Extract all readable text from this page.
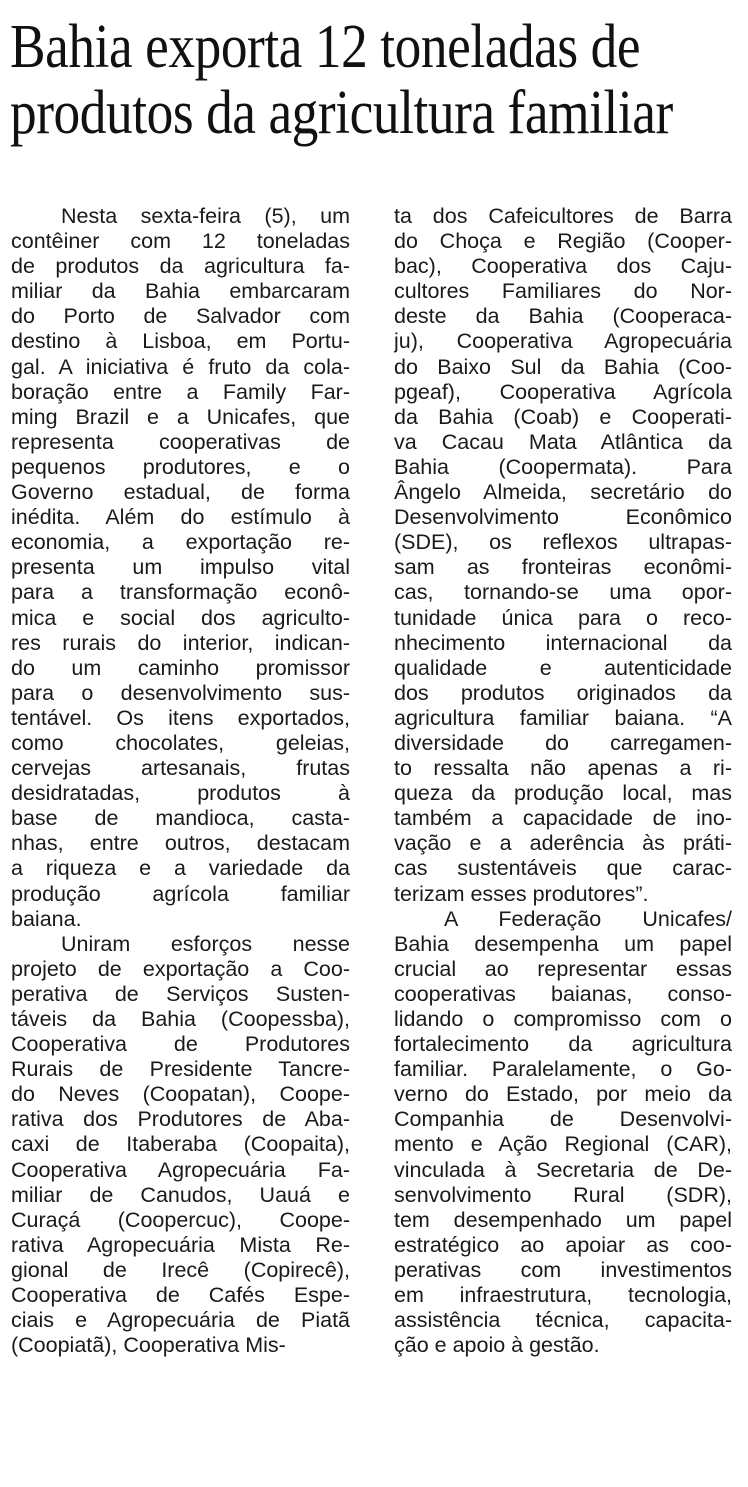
Bahia exporta 12 toneladas de
produtos da agricultura familiar
Nesta sexta-feira (5), um
contêiner com 12 toneladas
de produtos da agricultura fa-
miliar da Bahia embarcaram
do Porto de Salvador com
destino à Lisboa, em Portu-
gal. A iniciativa é fruto da cola-
boração entre a Family Far-
ming Brazil e a Unicafes, que
representa cooperativas de
pequenos produtores, e o
Governo estadual, de forma
inédita. Além do estímulo à
economia, a exportação re-
presenta um impulso vital
para a transformação econô-
mica e social dos agriculto-
res rurais do interior, indican-
do um caminho promissor
para o desenvolvimento sus-
tentável. Os itens exportados,
como chocolates, geleias,
cervejas artesanais, frutas
desidratadas, produtos à
base de mandioca, casta-
nhas, entre outros, destacam
a riqueza e a variedade da
produção agrícola familiar
baiana.
Uniram esforços nesse
projeto de exportação a Coo-
perativa de Serviços Susten-
táveis da Bahia (Coopessba),
Cooperativa de Produtores
Rurais de Presidente Tancre-
do Neves (Coopatan), Coope-
rativa dos Produtores de Aba-
caxi de Itaberaba (Coopaita),
Cooperativa Agropecuária Fa-
miliar de Canudos, Uauá e
Curaçá (Coopercuc), Coope-
rativa Agropecuária Mista Re-
gional de Irecê (Copirecê),
Cooperativa de Cafés Espe-
ciais e Agropecuária de Piatã
(Coopiatã), Cooperativa Mis-
ta dos Cafeicultores de Barra
do Choça e Região (Cooper-
bac), Cooperativa dos Caju-
cultores Familiares do Nor-
deste da Bahia (Cooperaca-
ju), Cooperativa Agropecuária
do Baixo Sul da Bahia (Coo-
pgeaf), Cooperativa Agrícola
da Bahia (Coab) e Cooperati-
va Cacau Mata Atlântica da
Bahia (Coopermata). Para
Ângelo Almeida, secretário do
Desenvolvimento Econômico
(SDE), os reflexos ultrapas-
sam as fronteiras econômi-
cas, tornando-se uma opor-
tunidade única para o reco-
nhecimento internacional da
qualidade e autenticidade
dos produtos originados da
agricultura familiar baiana. “A
diversidade do carregamen-
to ressalta não apenas a ri-
queza da produção local, mas
também a capacidade de ino-
vação e a aderência às práti-
cas sustentáveis que carac-
terizam esses produtores”.
A Federação Unicafes/
Bahia desempenha um papel
crucial ao representar essas
cooperativas baianas, conso-
lidando o compromisso com o
fortalecimento da agricultura
familiar. Paralelamente, o Go-
verno do Estado, por meio da
Companhia de Desenvolvi-
mento e Ação Regional (CAR),
vinculada à Secretaria de De-
senvolvimento Rural (SDR),
tem desempenhado um papel
estratégico ao apoiar as coo-
perativas com investimentos
em infraestrutura, tecnologia,
assistência técnica, capacita-
ção e apoio à gestão.
